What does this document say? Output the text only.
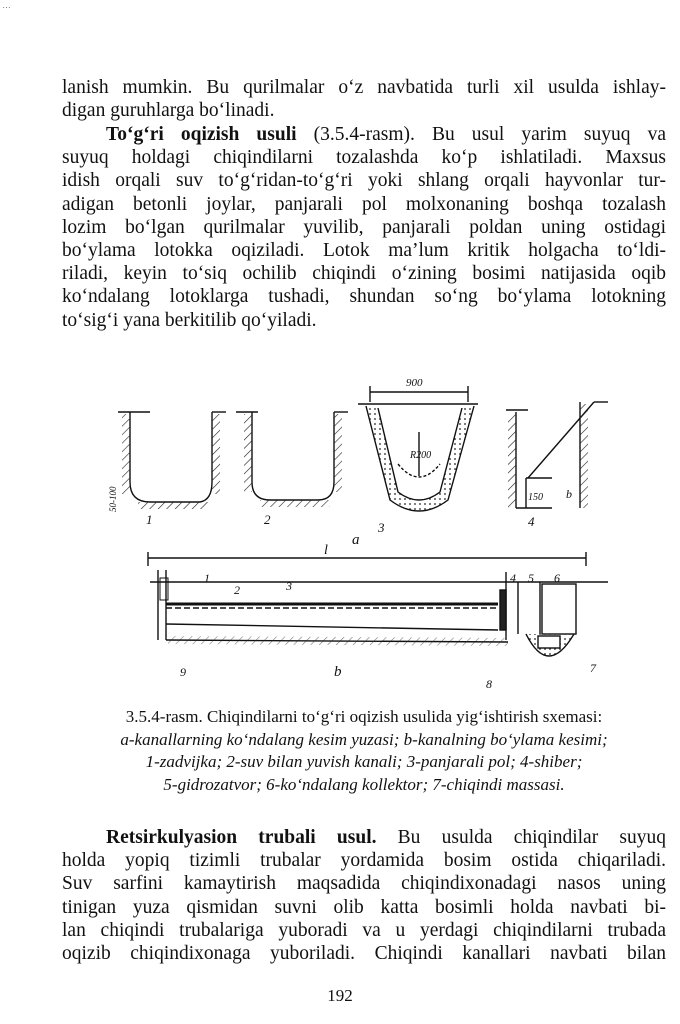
…
lanish mumkin. Bu qurilmalar o‘z navbatida turli xil usulda ishlay-
digan guruhlarga bo‘linadi.
To‘g‘ri oqizish usuli (3.5.4-rasm). Bu usul yarim suyuq va
suyuq holdagi chiqindilarni tozalashda ko‘p ishlatiladi. Maxsus
idish orqali suv to‘g‘ridan-to‘g‘ri yoki shlang orqali hayvonlar tur-
adigan betonli joylar, panjarali pol molxonaning boshqa tozalash
lozim bo‘lgan qurilmalar yuvilib, panjarali poldan uning ostidagi
bo‘ylama lotokka oqiziladi. Lotok ma’lum kritik holgacha to‘ldi-
riladi, keyin to‘siq ochilib chiqindi o‘zining bosimi natijasida oqib
ko‘ndalang lotoklarga tushadi, shundan so‘ng bo‘ylama lotokning
to‘sig‘i yana berkitilib qo‘yiladi.
900
R200
150
50-100	b
1	2
3	4
a
l
1
2	3
4 5 6
7
8
9	b
3.5.4-rasm. Chiqindilarni to‘g‘ri oqizish usulida yig‘ishtirish sxemasi:
a-kanallarning ko‘ndalang kesim yuzasi; b-kanalning bo‘ylama kesimi;
1-zadvijka; 2-suv bilan yuvish kanali; 3-panjarali pol; 4-shiber;
5-gidrozatvor; 6-ko‘ndalang kollektor; 7-chiqindi massasi.
Retsirkulyasion trubali usul. Bu usulda chiqindilar suyuq
holda yopiq tizimli trubalar yordamida bosim ostida chiqariladi.
Suv sarfini kamaytirish maqsadida chiqindixonadagi nasos uning
tinigan yuza qismidan suvni olib katta bosimli holda navbati bi-
lan chiqindi trubalariga yuboradi va u yerdagi chiqindilarni trubada
oqizib chiqindixonaga yuboriladi. Chiqindi kanallari navbati bilan
192
